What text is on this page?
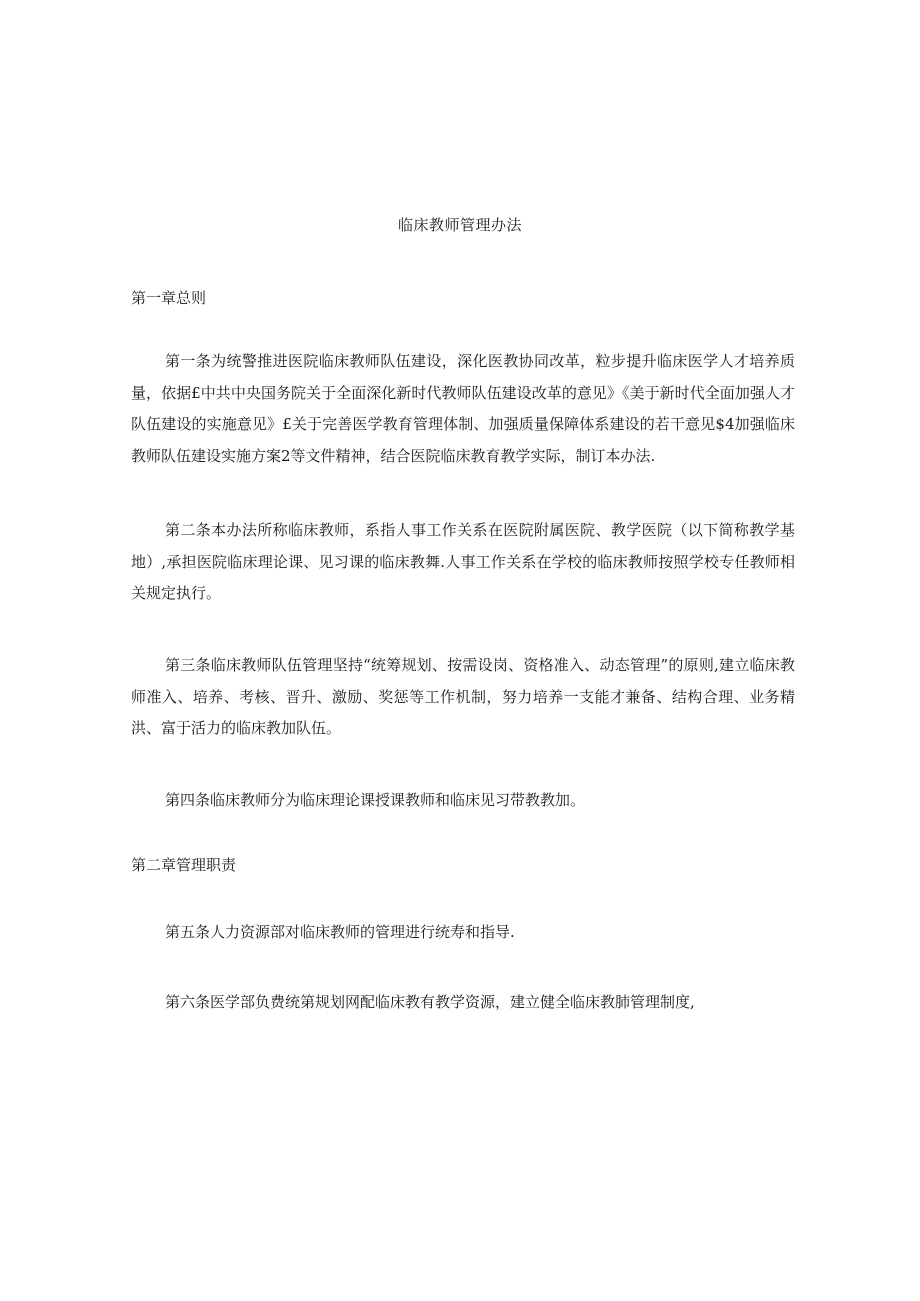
临床教师管理办法
第一章总则

第一条为统警推进医院临床教师队伍建设，深化医教协同改革，粒步提升临床医学人才培养质量，依据£中共中央国务院关于全面深化新时代教师队伍建设改革的意见》《美于新时代全面加强人才队伍建设的实施意见》£关于完善医学教育管理体制、加强质量保障体系建设的若干意见$4加强临床教师队伍建设实施方案2等文件精神，结合医院临床教育教学实际，制订本办法.

第二条本办法所称临床教师，系指人事工作关系在医院附属医院、教学医院（以下简称教学基地）,承担医院临床理论课、见习课的临床教舞.人事工作关系在学校的临床教师按照学校专任教师相关规定执行。

第三条临床教师队伍管理坚持“统筹规划、按需设岗、资格准入、动态管理”的原则,建立临床教师准入、培养、考核、晋升、激励、奖惩等工作机制，努力培养一支能才兼备、结构合理、业务精洪、富于活力的临床教加队伍。

第四条临床教师分为临床理论课授课教师和临床见习带教教加。

第二章管理职责

第五条人力资源部对临床教师的管理进行统寿和指导.

第六条医学部负费统第规划网配临床教有教学资源，建立健全临床教肺管理制度,
